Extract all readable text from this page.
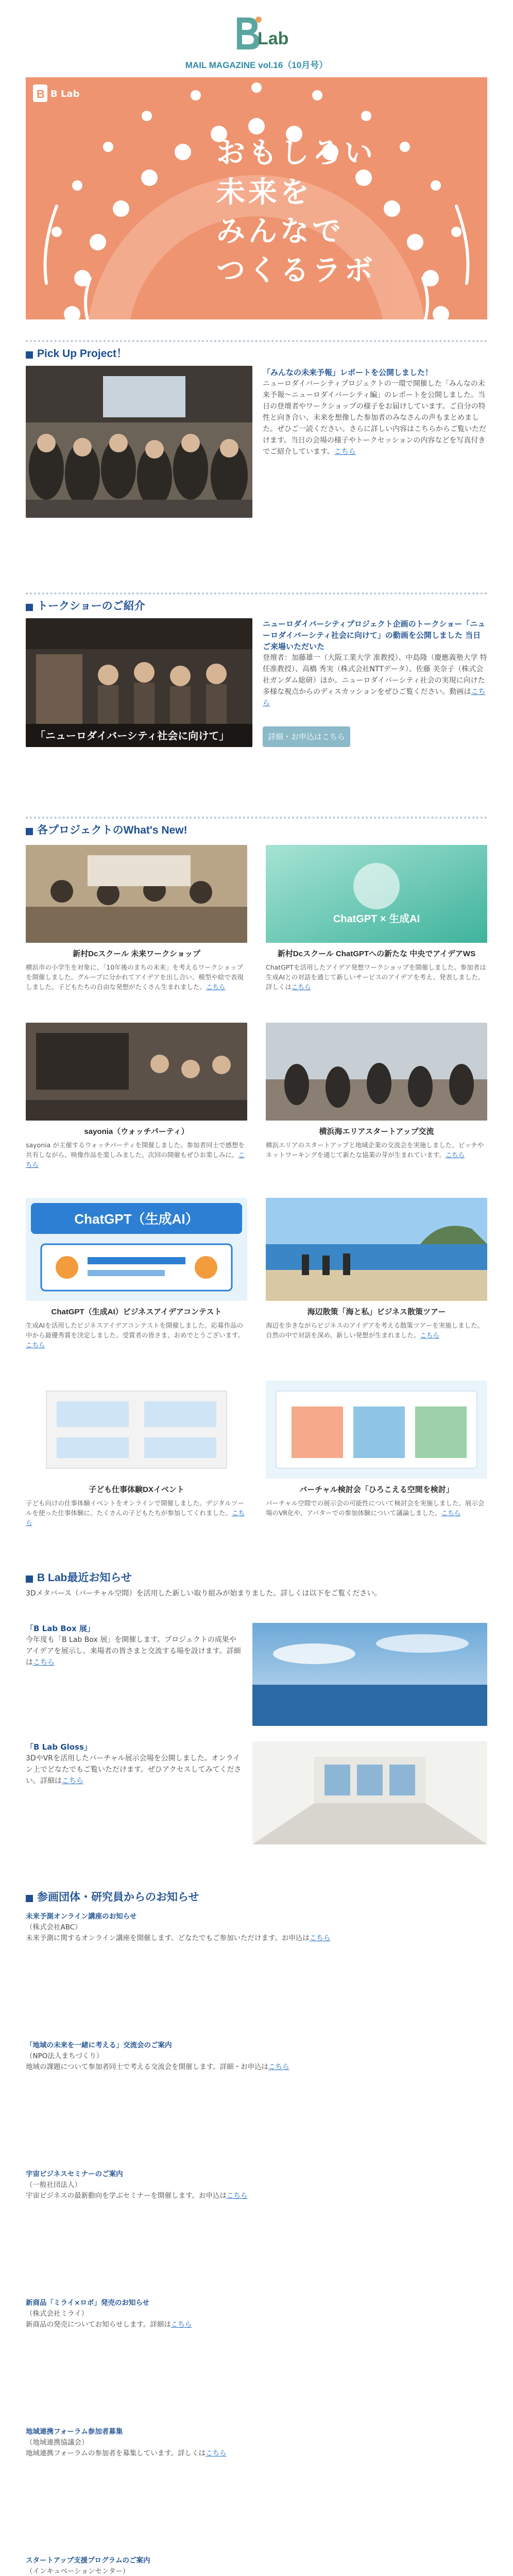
Lab
MAIL MAGAZINE vol.16（10月号）
B B Lab
おもしろい
未来を
みんなで
つくるラボ
Pick Up Project！
「みんなの未来予報」レポートを公開しました！
ニューロダイバーシティプロジェクトの一環で開催した「みんなの未来予報〜ニューロダイバーシティ編」のレポートを公開しました。当日の登壇者やワークショップの様子をお届けしています。ご自分の特性と向き合い、未来を想像した参加者のみなさんの声もまとめました。ぜひご一読ください。さらに詳しい内容はこちらからご覧いただけます。当日の会場の様子やトークセッションの内容などを写真付きでご紹介しています。こちら
トークショーのご紹介
「ニューロダイバーシティ社会に向けて」
ニューロダイバーシティプロジェクト企画のトークショー「ニューロダイバーシティ社会に向けて」の動画を公開しました 当日ご来場いただいた
登壇者：加藤雄一（大阪工業大学 准教授）、中島隆（慶應義塾大学 特任准教授）、高橋 秀実（株式会社NTTデータ）、佐藤 美奈子（株式会社ガンダム総研）ほか。ニューロダイバーシティ社会の実現に向けた多様な視点からのディスカッションをぜひご覧ください。動画はこちら
詳細・お申込はこちら
各プロジェクトのWhat's New!
ChatGPT × 生成AI
新村Dcスクール 未来ワークショップ	新村Dcスクール ChatGPTへの新たな 中央でアイデアWS
横浜市の小学生を対象に、「10年後のまちの未来」を考えるワークショップを開催しました。グループに分かれてアイデアを出し合い、模型や絵で表現しました。子どもたちの自由な発想がたくさん生まれました。こちら
ChatGPTを活用したアイデア発想ワークショップを開催しました。参加者は生成AIとの対話を通じて新しいサービスのアイデアを考え、発表しました。詳しくはこちら
sayonia（ウォッチパーティ）	横浜海エリアスタートアップ交流
sayonia が主催するウォッチパーティを開催しました。参加者同士で感想を共有しながら、映像作品を楽しみました。次回の開催もぜひお楽しみに。こちら
横浜エリアのスタートアップと地域企業の交流会を実施しました。ピッチやネットワーキングを通じて新たな協業の芽が生まれています。こちら
ChatGPT（生成AI）
ChatGPT（生成AI）ビジネスアイデアコンテスト	海辺散策「海と私」ビジネス散策ツアー
生成AIを活用したビジネスアイデアコンテストを開催しました。応募作品の中から最優秀賞を決定しました。受賞者の皆さま、おめでとうございます。こちら
海辺を歩きながらビジネスのアイデアを考える散策ツアーを実施しました。自然の中で対話を深め、新しい発想が生まれました。こちら
子ども仕事体験DXイベント	バーチャル検討会「ひろこえる空間を検討」
子ども向けの仕事体験イベントをオンラインで開催しました。デジタルツールを使った仕事体験に、たくさんの子どもたちが参加してくれました。こちら
バーチャル空間での展示会の可能性について検討会を実施しました。展示会場のVR化や、アバターでの参加体験について議論しました。こちら
B Lab最近お知らせ
3Dメタバース（バーチャル空間）を活用した新しい取り組みが始まりました。詳しくは以下をご覧ください。
「B Lab Box 展」
今年度も「B Lab Box 展」を開催します。プロジェクトの成果やアイデアを展示し、来場者の皆さまと交流する場を設けます。詳細はこちら
「B Lab Gloss」
3DやVRを活用したバーチャル展示会場を公開しました。オンライン上でどなたでもご覧いただけます。ぜひアクセスしてみてください。詳細はこちら
参画団体・研究員からのお知らせ
未来予測オンライン講座のお知らせ
（株式会社ABC）
未来予測に関するオンライン講座を開催します。どなたでもご参加いただけます。お申込はこちら
「地域の未来を一緒に考える」交流会のご案内
（NPO法人まちづくり）
地域の課題について参加者同士で考える交流会を開催します。詳細・お申込はこちら
宇宙ビジネスセミナーのご案内
（一般社団法人）
宇宙ビジネスの最新動向を学ぶセミナーを開催します。お申込はこちら
新商品「ミライ×ロボ」発売のお知らせ
（株式会社ミライ）
新商品の発売についてお知らせします。詳細はこちら
地域連携フォーラム参加者募集
（地域連携協議会）
地域連携フォーラムの参加者を募集しています。詳しくはこちら
スタートアップ支援プログラムのご案内
（インキュベーションセンター）
